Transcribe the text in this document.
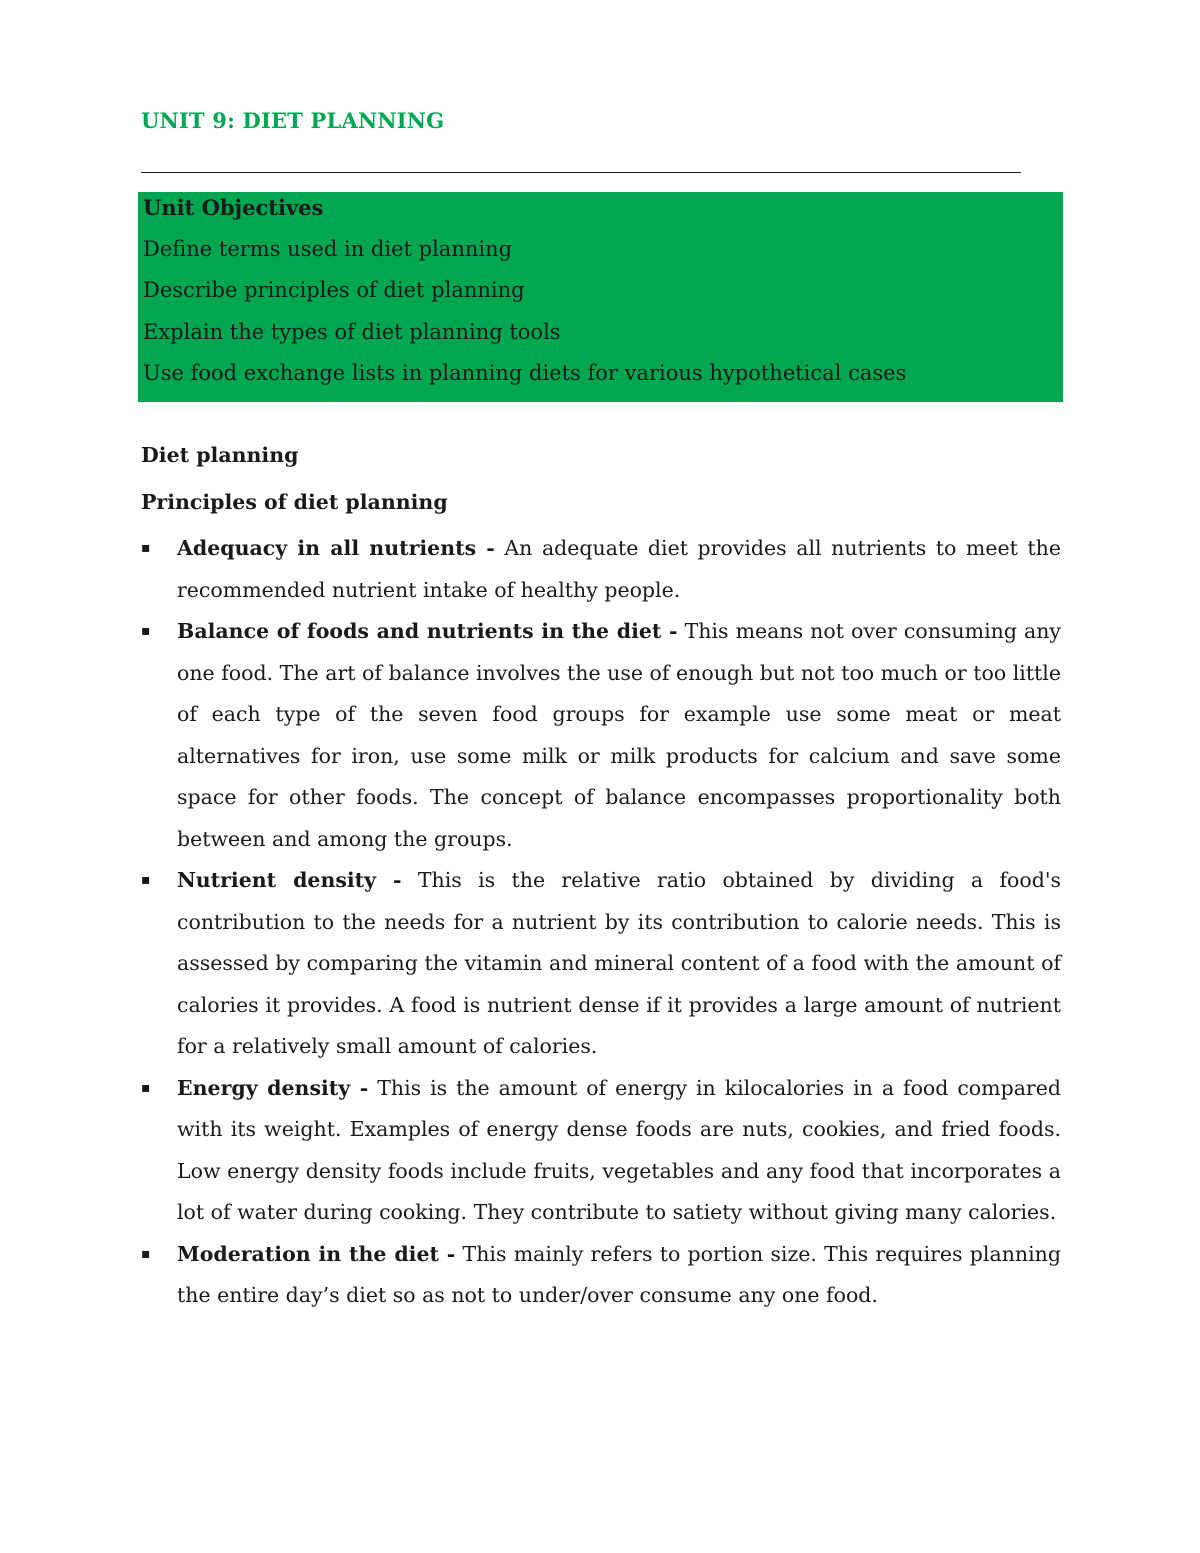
UNIT 9: DIET PLANNING
Unit Objectives
Define terms used in diet planning
Describe principles of diet planning
Explain the types of diet planning tools
Use food exchange lists in planning diets for various hypothetical cases
Diet planning
Principles of diet planning
▪ Adequacy in all nutrients - An adequate diet provides all nutrients to meet the recommended nutrient intake of healthy people.
▪ Balance of foods and nutrients in the diet - This means not over consuming any one food. The art of balance involves the use of enough but not too much or too little of each type of the seven food groups for example use some meat or meat alternatives for iron, use some milk or milk products for calcium and save some space for other foods. The concept of balance encompasses proportionality both between and among the groups.
▪ Nutrient density - This is the relative ratio obtained by dividing a food's contribution to the needs for a nutrient by its contribution to calorie needs. This is assessed by comparing the vitamin and mineral content of a food with the amount of calories it provides. A food is nutrient dense if it provides a large amount of nutrient for a relatively small amount of calories.
▪ Energy density - This is the amount of energy in kilocalories in a food compared with its weight. Examples of energy dense foods are nuts, cookies, and fried foods. Low energy density foods include fruits, vegetables and any food that incorporates a lot of water during cooking. They contribute to satiety without giving many calories.
▪ Moderation in the diet - This mainly refers to portion size. This requires planning the entire day’s diet so as not to under/over consume any one food.
